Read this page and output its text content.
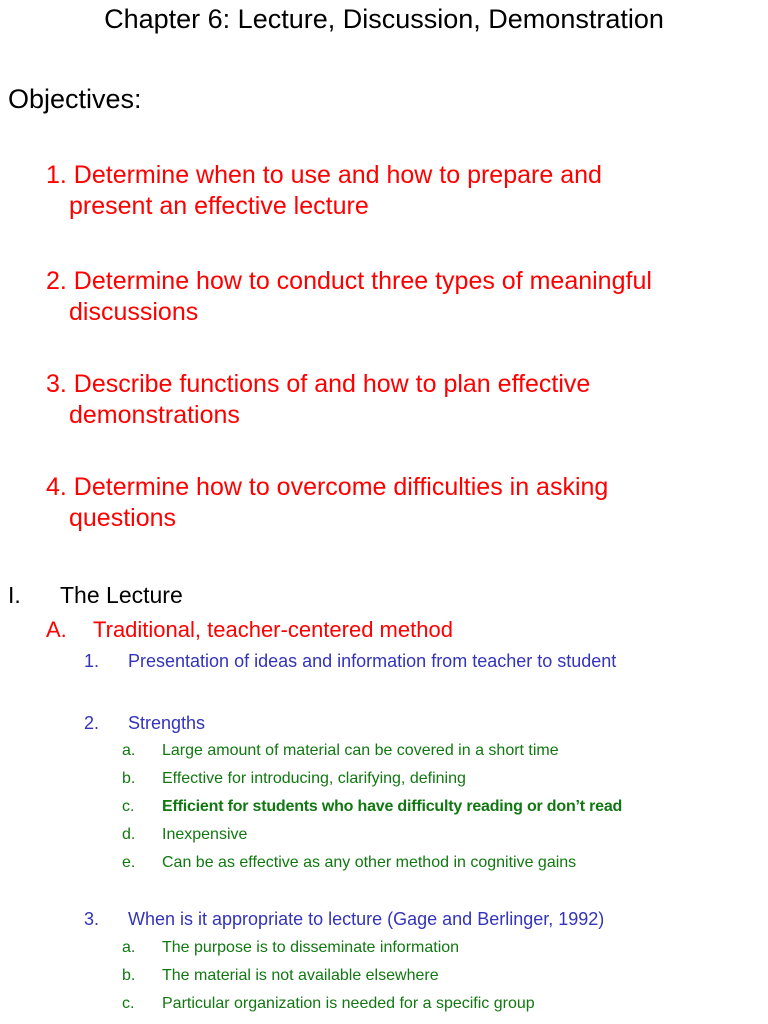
Chapter 6: Lecture, Discussion, Demonstration
Objectives:
1. Determine when to use and how to prepare and
present an effective lecture
2. Determine how to conduct three types of meaningful
discussions
3. Describe functions of and how to plan effective
demonstrations
4. Determine how to overcome difficulties in asking
questions
I. The Lecture
A. Traditional, teacher-centered method
1. Presentation of ideas and information from teacher to student
2. Strengths
a. Large amount of material can be covered in a short time
b. Effective for introducing, clarifying, defining
c. Efficient for students who have difficulty reading or don’t read
d. Inexpensive
e. Can be as effective as any other method in cognitive gains
3. When is it appropriate to lecture (Gage and Berlinger, 1992)
a. The purpose is to disseminate information
b. The material is not available elsewhere
c. Particular organization is needed for a specific group
